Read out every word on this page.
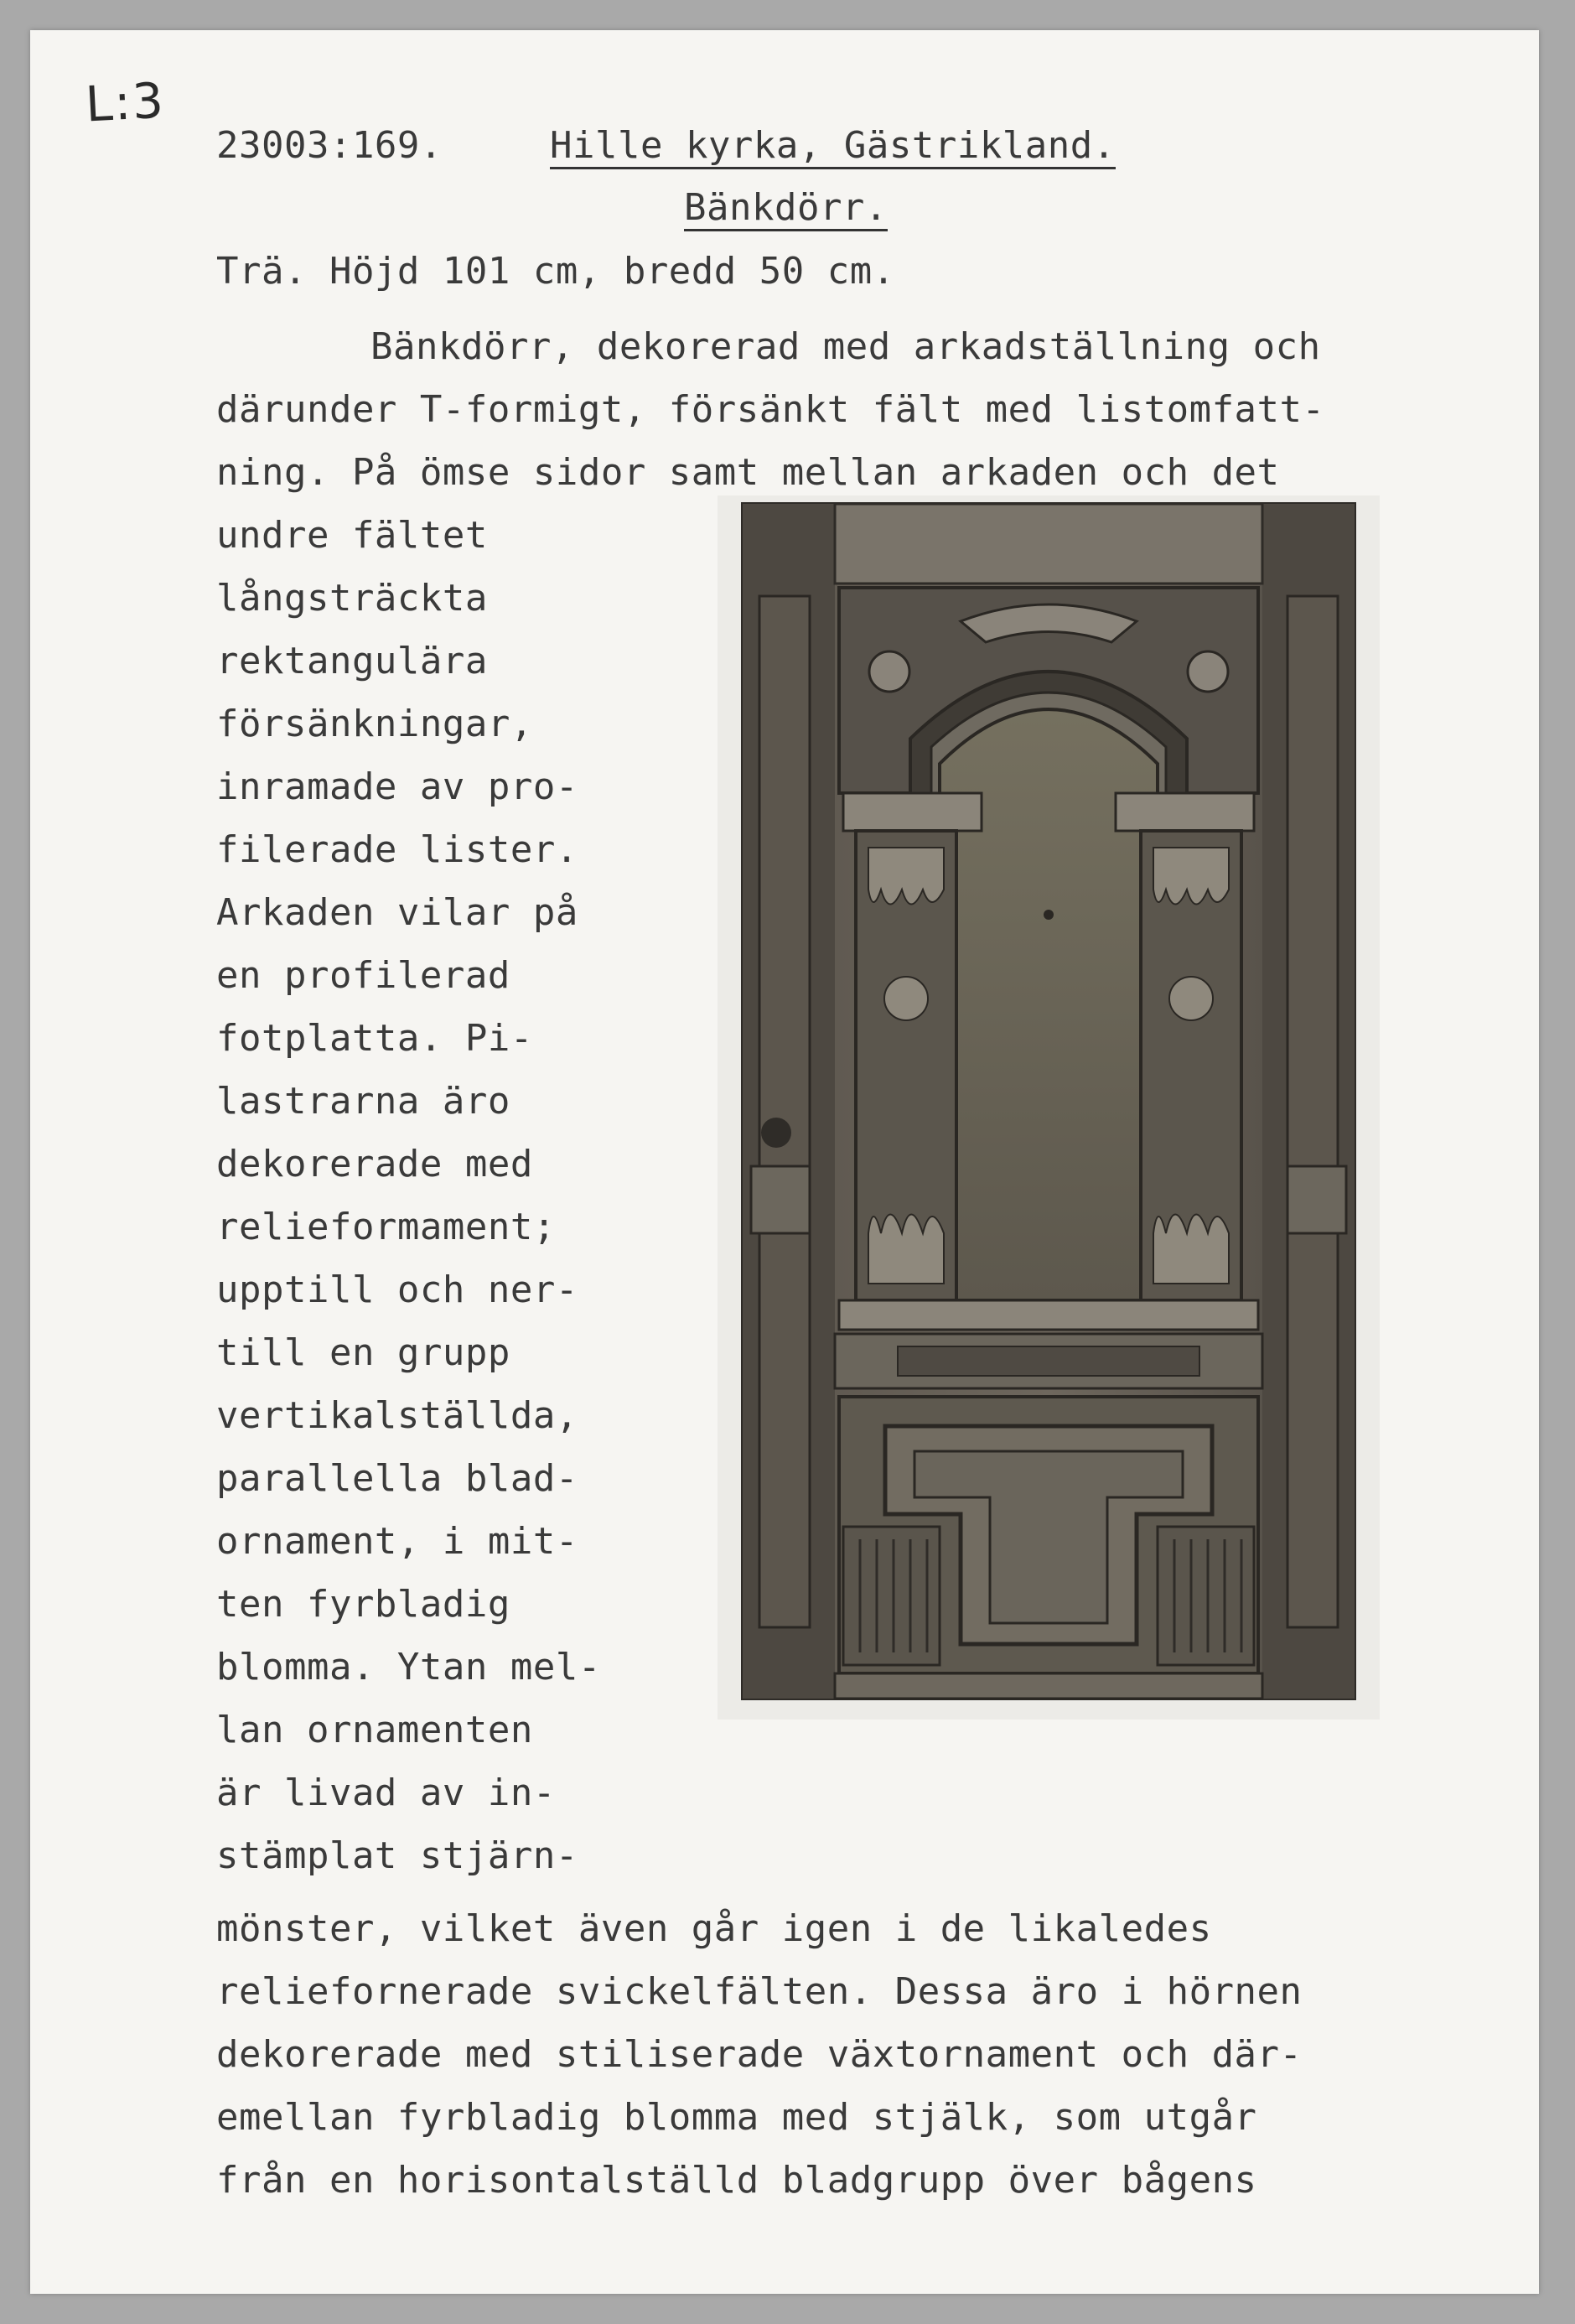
L:3
23003:169.	Hille kyrka, Gästrikland.
Bänkdörr.
Trä. Höjd 101 cm, bredd 50 cm.
Bänkdörr, dekorerad med arkadställning och
därunder T-formigt, försänkt fält med listomfatt-
ning. På ömse sidor samt mellan arkaden och det
undre fältet
långsträckta
rektangulära
försänkningar,
inramade av pro-
filerade lister.
Arkaden vilar på
en profilerad
fotplatta. Pi-
lastrarna äro
dekorerade med
relieformament;
upptill och ner-
till en grupp
vertikalställda,
parallella blad-
ornament, i mit-
ten fyrbladig
blomma. Ytan mel-
lan ornamenten
är livad av in-
stämplat stjärn-
mönster, vilket även går igen i de likaledes
reliefornerade svickelfälten. Dessa äro i hörnen
dekorerade med stiliserade växtornament och där-
emellan fyrbladig blomma med stjälk, som utgår
från en horisontalställd bladgrupp över bågens
